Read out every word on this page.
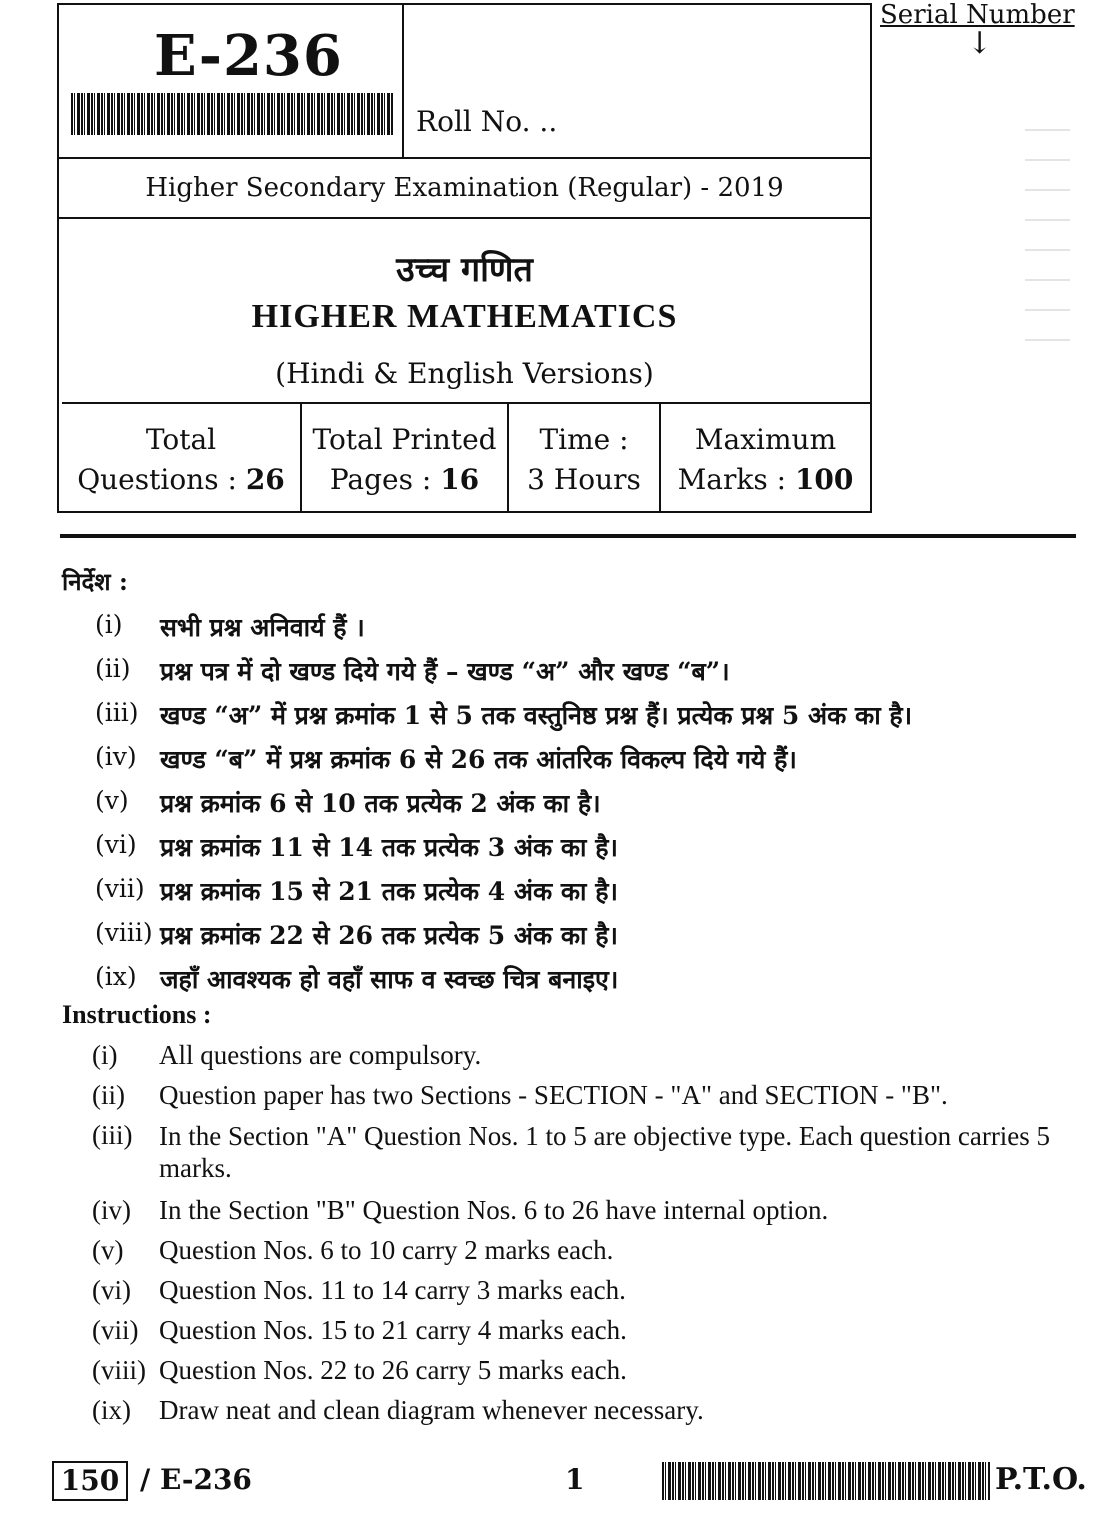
E-236
Roll No. ..
Higher Secondary Examination (Regular) - 2019
उच्च गणित
HIGHER MATHEMATICS
(Hindi & English Versions)
Total
Questions : 26
Total Printed
Pages : 16
Time :
3 Hours
Maximum
Marks : 100
Serial Number
↓
निर्देश :
(i) सभी प्रश्न अनिवार्य हैं ।
(ii) प्रश्न पत्र में दो खण्ड दिये गये हैं – खण्ड “अ” और खण्ड “ब”।
(iii) खण्ड “अ” में प्रश्न क्रमांक 1 से 5 तक वस्तुनिष्ठ प्रश्न हैं। प्रत्येक प्रश्न 5 अंक का है।
(iv) खण्ड “ब” में प्रश्न क्रमांक 6 से 26 तक आंतरिक विकल्प दिये गये हैं।
(v) प्रश्न क्रमांक 6 से 10 तक प्रत्येक 2 अंक का है।
(vi) प्रश्न क्रमांक 11 से 14 तक प्रत्येक 3 अंक का है।
(vii) प्रश्न क्रमांक 15 से 21 तक प्रत्येक 4 अंक का है।
(viii) प्रश्न क्रमांक 22 से 26 तक प्रत्येक 5 अंक का है।
(ix) जहाँ आवश्यक हो वहाँ साफ व स्वच्छ चित्र बनाइए।
Instructions :
(i) All questions are compulsory.
(ii) Question paper has two Sections - SECTION - "A" and SECTION - "B".
(iii) In the Section "A" Question Nos. 1 to 5 are objective type. Each question carries 5 marks.
(iv) In the Section "B" Question Nos. 6 to 26 have internal option.
(v) Question Nos. 6 to 10 carry 2 marks each.
(vi) Question Nos. 11 to 14 carry 3 marks each.
(vii) Question Nos. 15 to 21 carry 4 marks each.
(viii) Question Nos. 22 to 26 carry 5 marks each.
(ix) Draw neat and clean diagram whenever necessary.
150 / E-236	1	P.T.O.
